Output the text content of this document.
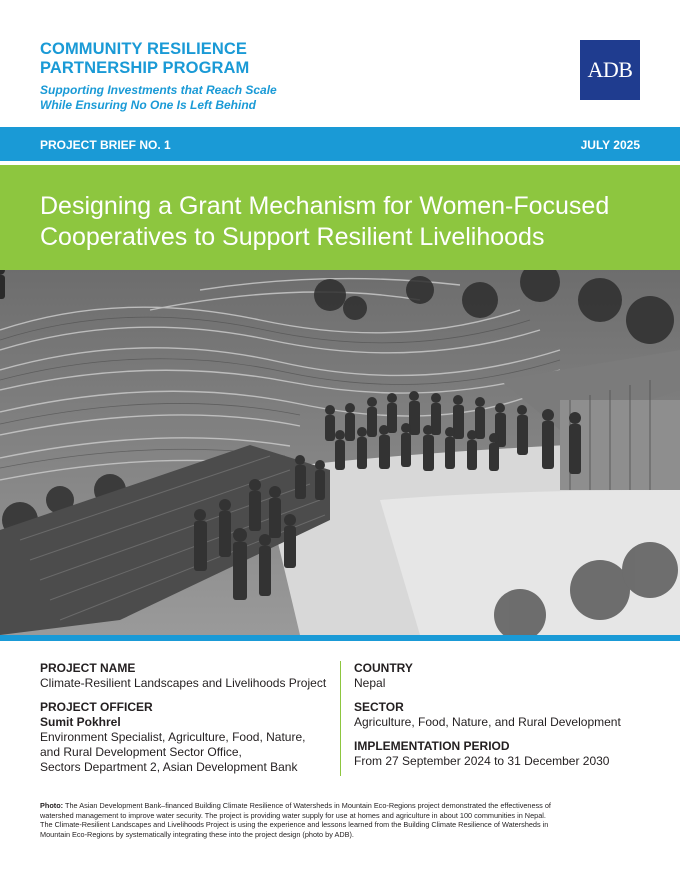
COMMUNITY RESILIENCE
PARTNERSHIP PROGRAM
Supporting Investments that Reach Scale
While Ensuring No One Is Left Behind
ADB
PROJECT BRIEF NO. 1	JULY 2025
Designing a Grant Mechanism for Women-Focused
Cooperatives to Support Resilient Livelihoods
PROJECT NAME
Climate-Resilient Landscapes and Livelihoods Project
PROJECT OFFICER
Sumit Pokhrel
Environment Specialist, Agriculture, Food, Nature,
and Rural Development Sector Office,
Sectors Department 2, Asian Development Bank
COUNTRY
Nepal
SECTOR
Agriculture, Food, Nature, and Rural Development
IMPLEMENTATION PERIOD
From 27 September 2024 to 31 December 2030
Photo: The Asian Development Bank–financed Building Climate Resilience of Watersheds in Mountain Eco-Regions project demonstrated the effectiveness of
watershed management to improve water security. The project is providing water supply for use at homes and agriculture in about 100 communities in Nepal.
The Climate-Resilient Landscapes and Livelihoods Project is using the experience and lessons learned from the Building Climate Resilience of Watersheds in
Mountain Eco-Regions by systematically integrating these into the project design (photo by ADB).
